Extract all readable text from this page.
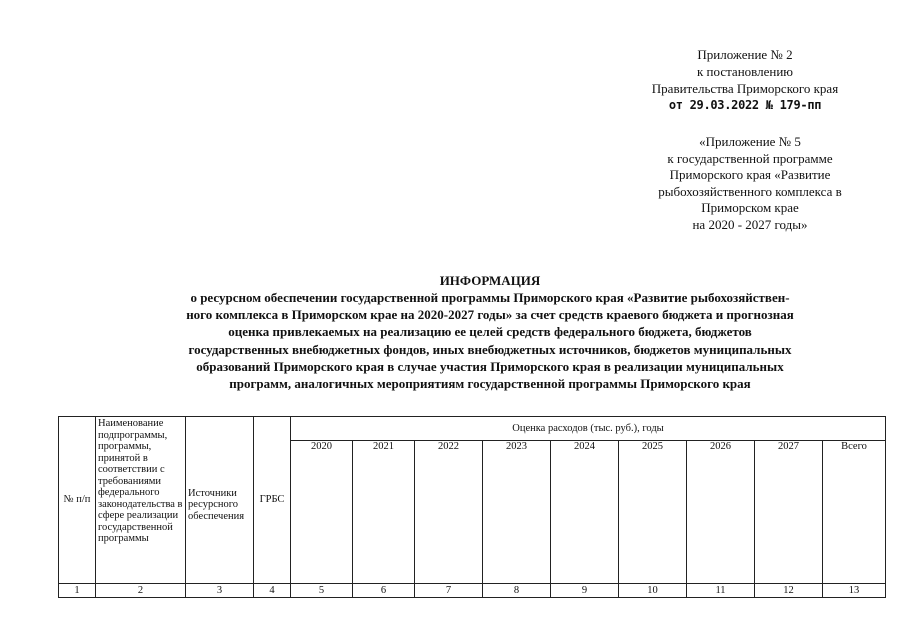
Приложение № 2
к постановлению
Правительства Приморского края
от 29.03.2022 № 179-пп
«Приложение № 5
к государственной программе
Приморского края «Развитие
рыбохозяйственного комплекса в
Приморском крае
на 2020 - 2027 годы»
ИНФОРМАЦИЯ
о ресурсном обеспечении государственной программы Приморского края «Развитие рыбохозяйствен-
ного комплекса в Приморском крае на 2020-2027 годы» за счет средств краевого бюджета и прогнозная
оценка привлекаемых на реализацию ее целей средств федерального бюджета, бюджетов
государственных внебюджетных фондов, иных внебюджетных источников, бюджетов муниципальных
образований Приморского края в случае участия Приморского края в реализации муниципальных
программ, аналогичных мероприятиям государственной программы Приморского края
№ п/п	Наименование подпрограммы, программы, принятой в соответствии с требованиями федерального законодательства в сфере реализации государственной программы	Источники ресурсного обеспечения	ГРБС	Оценка расходов (тыс. руб.), годы								
				2020	2021	2022	2023	2024	2025	2026	2027	Всего
1	2	3	4	5	6	7	8	9	10	11	12	13
